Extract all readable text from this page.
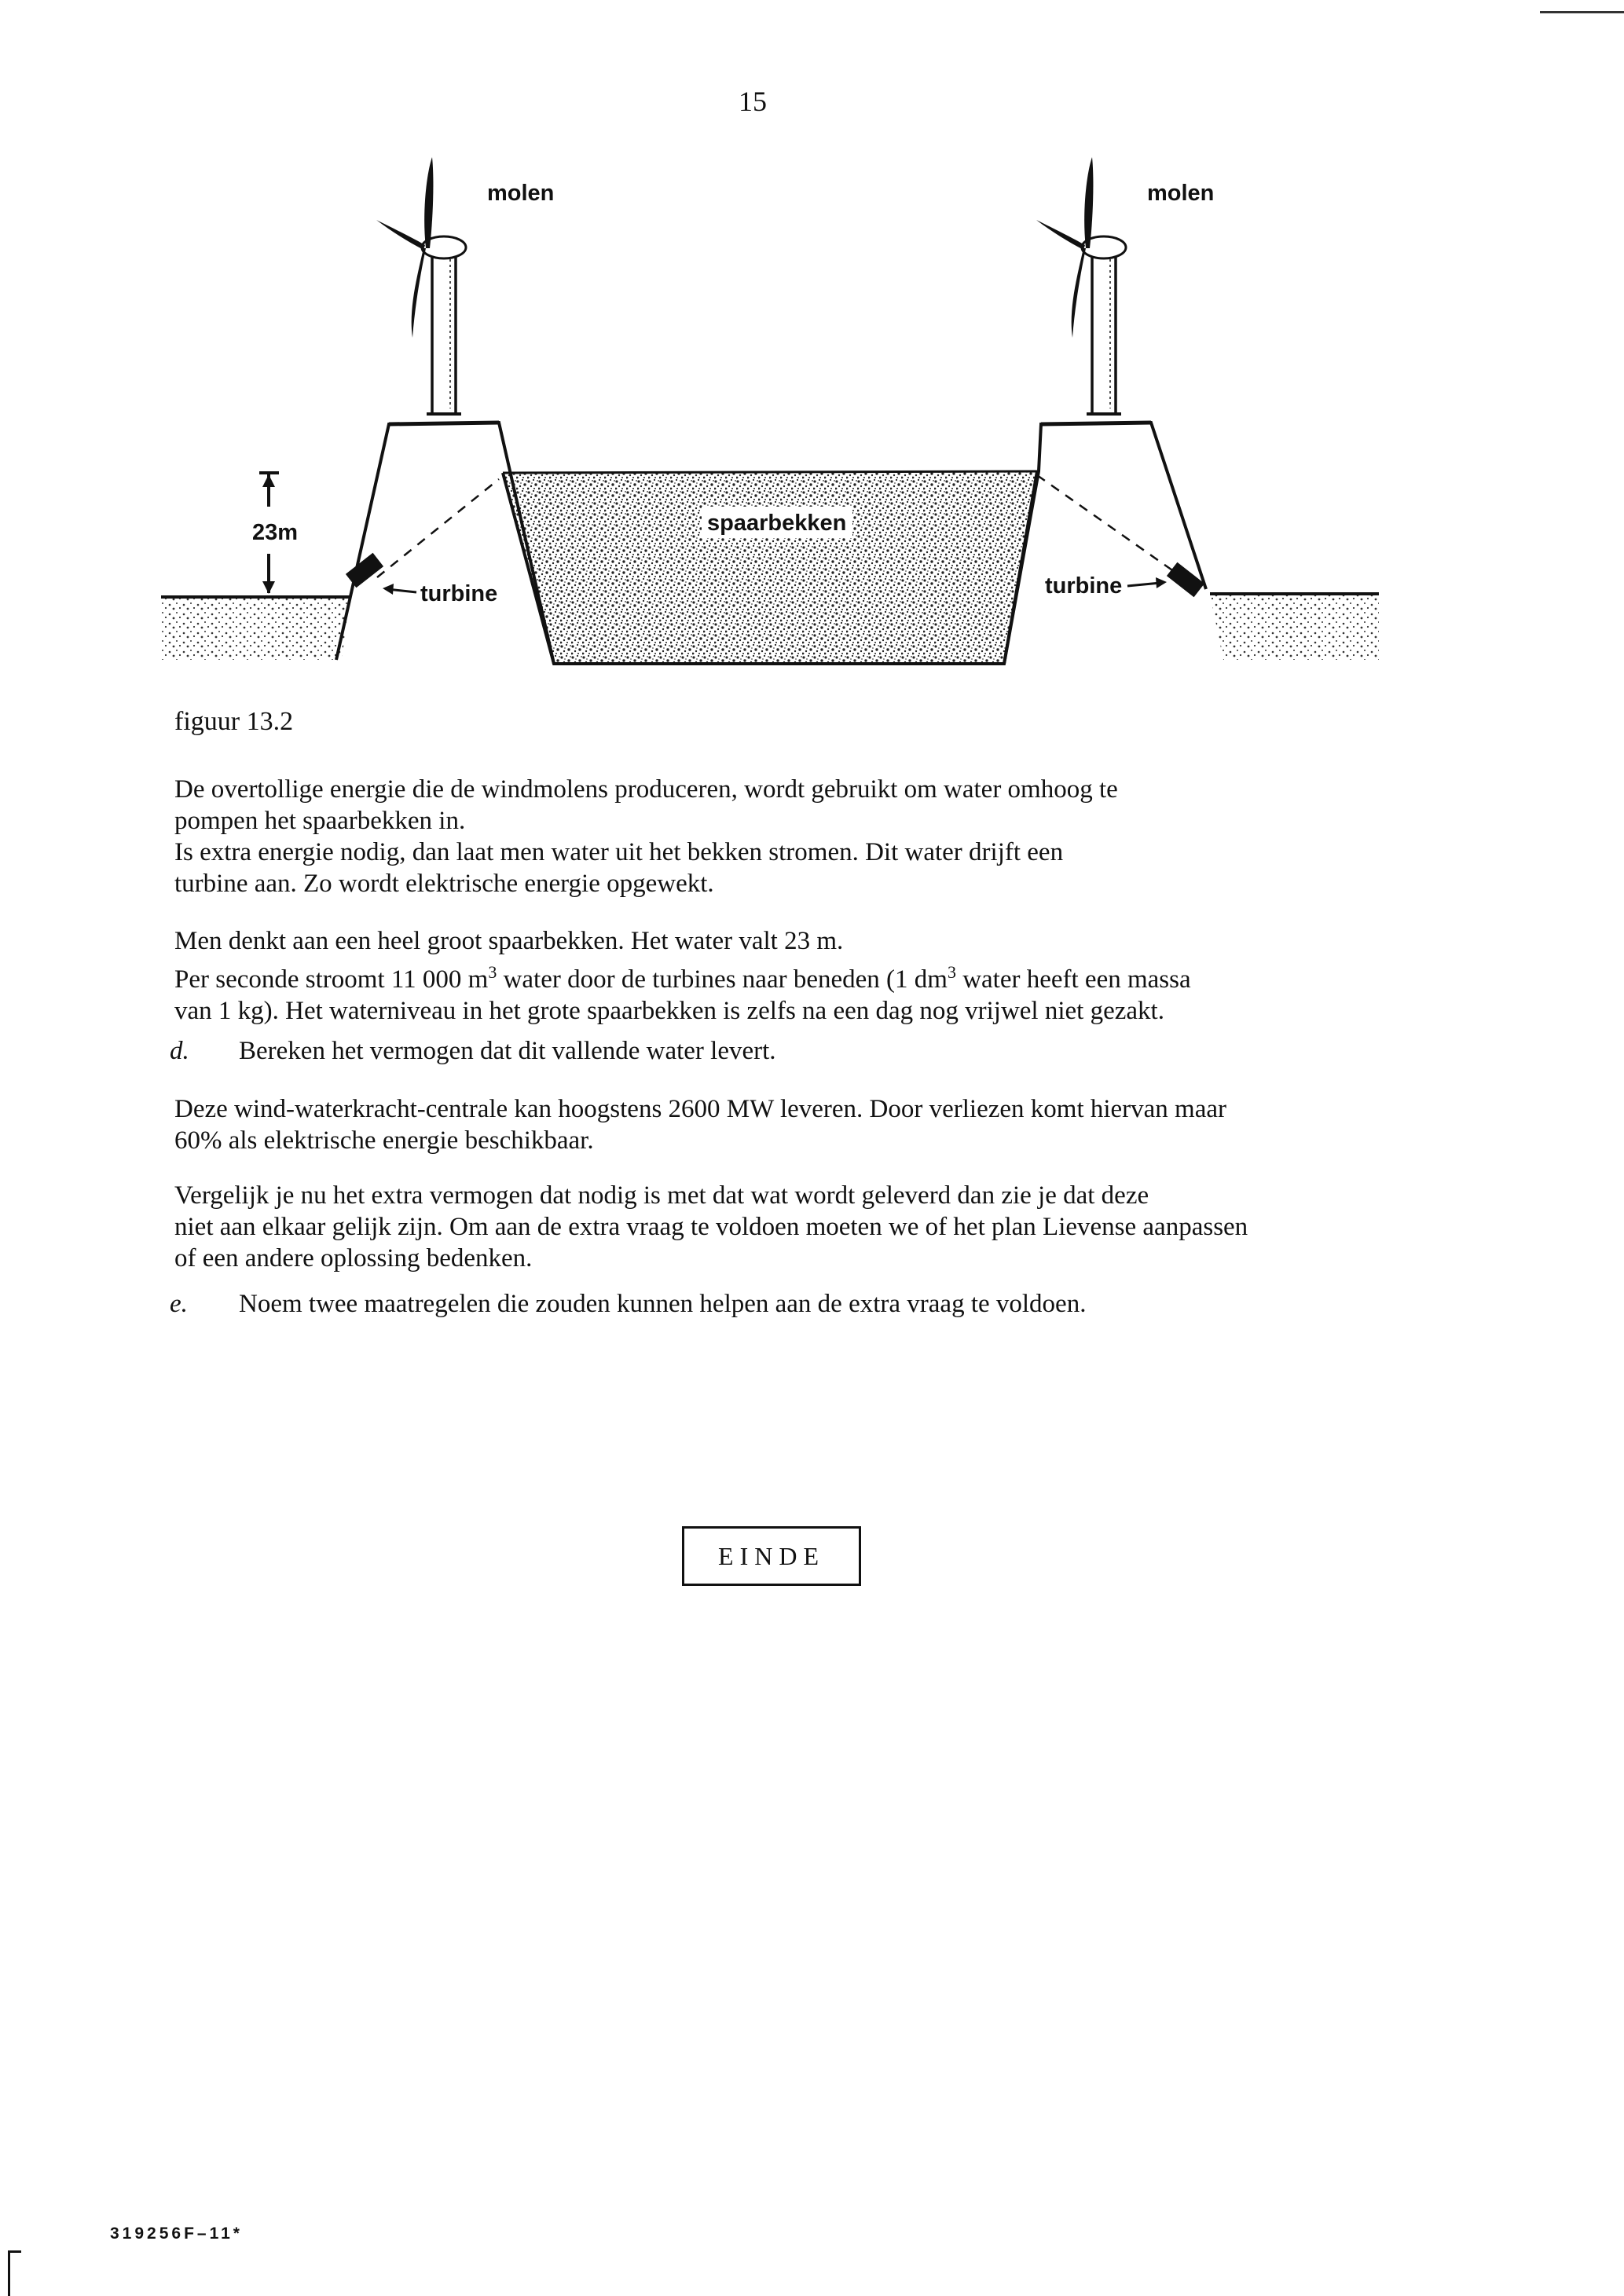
15
23m
turbine	turbine
spaarbekken
molen	molen
figuur 13.2
De overtollige energie die de windmolens produceren, wordt gebruikt om water omhoog te
pompen het spaarbekken in.
Is extra energie nodig, dan laat men water uit het bekken stromen. Dit water drijft een
turbine aan. Zo wordt elektrische energie opgewekt.
Men denkt aan een heel groot spaarbekken. Het water valt 23 m.
Per seconde stroomt 11 000 $m^3$ water door de turbines naar beneden (1 $dm^3$ water heeft een massa
van 1 kg). Het waterniveau in het grote spaarbekken is zelfs na een dag nog vrijwel niet gezakt.
d. Bereken het vermogen dat dit vallende water levert.
Deze wind-waterkracht-centrale kan hoogstens 2600 MW leveren. Door verliezen komt hiervan maar
60% als elektrische energie beschikbaar.
Vergelijk je nu het extra vermogen dat nodig is met dat wat wordt geleverd dan zie je dat deze
niet aan elkaar gelijk zijn. Om aan de extra vraag te voldoen moeten we of het plan Lievense aanpassen
of een andere oplossing bedenken.
e. Noem twee maatregelen die zouden kunnen helpen aan de extra vraag te voldoen.
EINDE
319256F–11*
